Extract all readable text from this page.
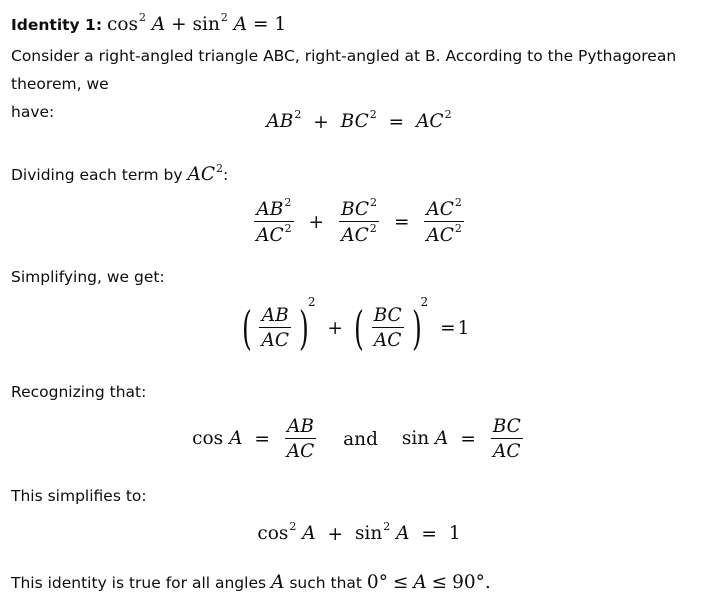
Identity 1: $\cos^2 A + \sin^2 A = 1$
Consider a right-angled triangle ABC, right-angled at B. According to the Pythagorean theorem, we
have:	$AB^2 + BC^2 = AC^2$
Dividing each term by $AC^2$:
$\frac{AB^2}{AC^2} + \frac{BC^2}{AC^2} = \frac{AC^2}{AC^2}$
Simplifying, we get:
( $\frac{AB}{AC} )2$ + ( $\frac{BC}{AC} )2 = 1$
Recognizing that:
$\cos A = \frac{AB}{AC}$ and $\sin A = \frac{BC}{AC}$
This simplifies to:
$\cos^2 A + \sin^2 A = 1$
This identity is true for all angles A such that 0° ≤ A ≤ 90°.
